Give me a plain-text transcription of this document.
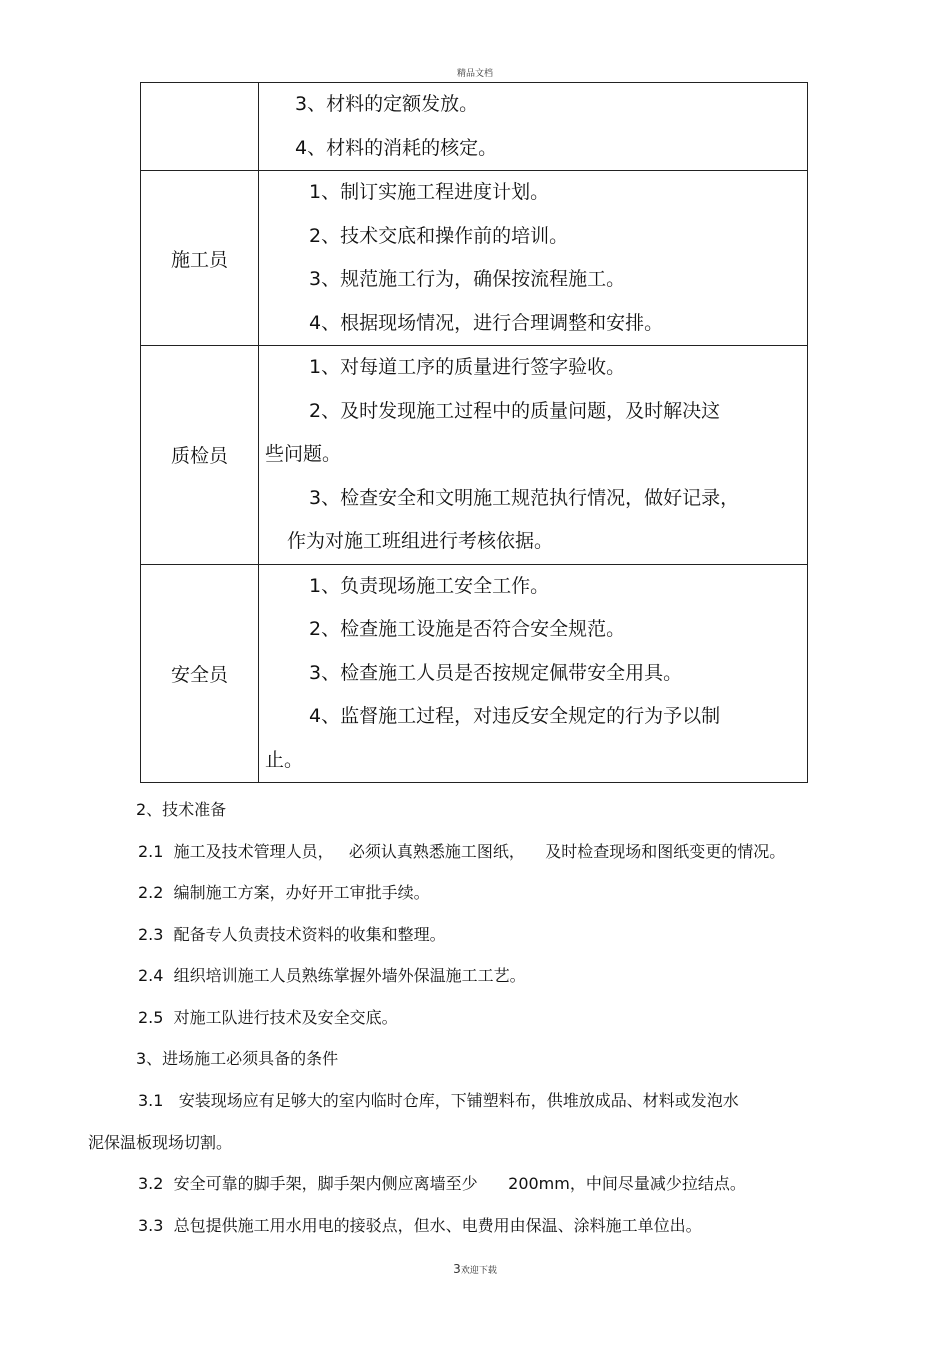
精品文档

	3、材料的定额发放。
4、材料的消耗的核定。

施工员	1、制订实施工程进度计划。
2、技术交底和操作前的培训。
3、规范施工行为，确保按流程施工。
4、根据现场情况，进行合理调整和安排。

质检员	1、对每道工序的质量进行签字验收。
2、及时发现施工过程中的质量问题，及时解决这
些问题。
3、检查安全和文明施工规范执行情况，做好记录，
作为对施工班组进行考核依据。

安全员	1、负责现场施工安全工作。
2、检查施工设施是否符合安全规范。
3、检查施工人员是否按规定佩带安全用具。
4、监督施工过程，对违反安全规定的行为予以制
止。
2、技术准备
2.1  施工及技术管理人员，   必须认真熟悉施工图纸，    及时检查现场和图纸变更的情况。
2.2  编制施工方案，办好开工审批手续。
2.3  配备专人负责技术资料的收集和整理。
2.4  组织培训施工人员熟练掌握外墙外保温施工工艺。
2.5  对施工队进行技术及安全交底。
3、进场施工必须具备的条件
3.1   安装现场应有足够大的室内临时仓库，下铺塑料布，供堆放成品、材料或发泡水
泥保温板现场切割。
3.2  安全可靠的脚手架，脚手架内侧应离墙至少      200mm，中间尽量减少拉结点。
3.3  总包提供施工用水用电的接驳点，但水、电费用由保温、涂料施工单位出。
3欢迎下载
